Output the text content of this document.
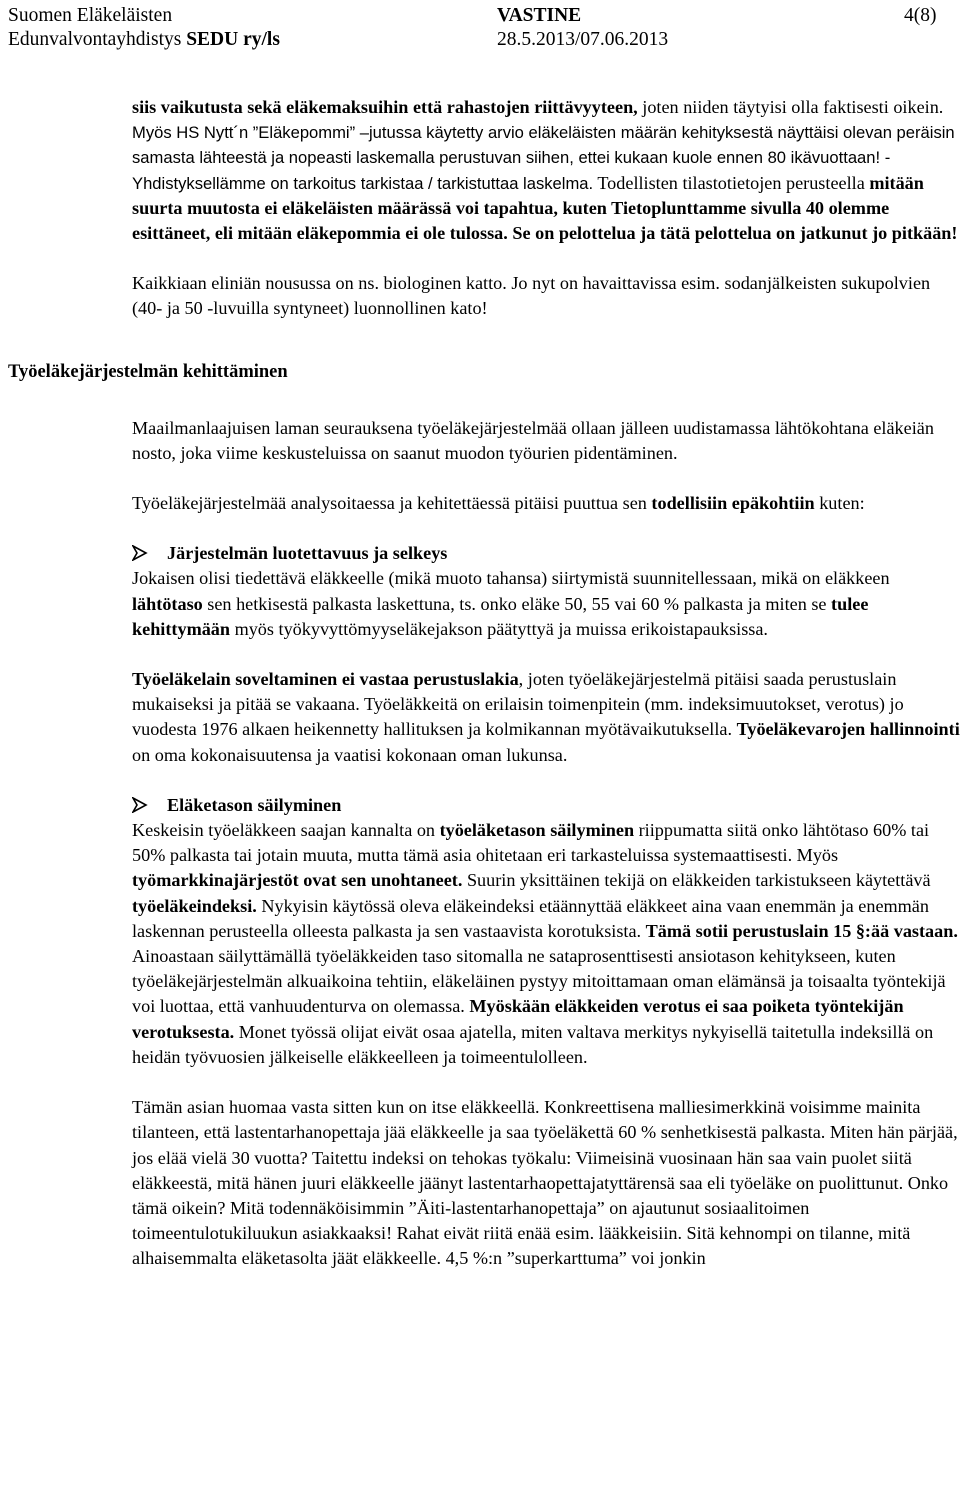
Suomen Eläkeläisten
Edunvalvontayhdistys SEDU ry/ls
VASTINE
28.5.2013/07.06.2013
4(8)

siis vaikutusta sekä eläkemaksuihin että rahastojen riittävyyteen, joten niiden täytyisi olla faktisesti oikein. Myös HS Nytt´n ”Eläkepommi” –jutussa käytetty arvio eläkeläisten määrän kehityksestä näyttäisi olevan peräisin samasta lähteestä ja nopeasti laskemalla perustuvan siihen, ettei kukaan kuole ennen 80 ikävuottaan! - Yhdistyksellämme on tarkoitus tarkistaa / tarkistuttaa laskelma. Todellisten tilastotietojen perusteella mitään suurta muutosta ei eläkeläisten määrässä voi tapahtua, kuten Tietoplunttamme sivulla 40 olemme esittäneet, eli mitään eläkepommia ei ole tulossa. Se on pelottelua ja tätä pelottelua on jatkunut jo pitkään!

Kaikkiaan eliniän nousussa on ns. biologinen katto. Jo nyt on havaittavissa esim. sodanjälkeisten sukupolvien (40- ja 50 -luvuilla syntyneet) luonnollinen kato!

Työeläkejärjestelmän kehittäminen

Maailmanlaajuisen laman seurauksena työeläkejärjestelmää ollaan jälleen uudistamassa lähtökohtana eläkeiän nosto, joka viime keskusteluissa on saanut muodon työurien pidentäminen.

Työeläkejärjestelmää analysoitaessa ja kehitettäessä pitäisi puuttua sen todellisiin epäkohtiin kuten:

Järjestelmän luotettavuus ja selkeys

Jokaisen olisi tiedettävä eläkkeelle (mikä muoto tahansa) siirtymistä suunnitellessaan, mikä on eläkkeen lähtötaso sen hetkisestä palkasta laskettuna, ts. onko eläke 50, 55 vai 60 % palkasta ja miten se tulee kehittymään myös työkyvyttömyyseläkejakson päätyttyä ja muissa erikoistapauksissa.

Työeläkelain soveltaminen ei vastaa perustuslakia, joten työeläkejärjestelmä pitäisi saada perustuslain mukaiseksi ja pitää se vakaana. Työeläkkeitä on erilaisin toimenpitein (mm. indeksimuutokset, verotus) jo vuodesta 1976 alkaen heikennetty hallituksen ja kolmikannan myötävaikutuksella. Työeläkevarojen hallinnointi on oma kokonaisuutensa ja vaatisi kokonaan oman lukunsa.

Eläketason säilyminen

Keskeisin työeläkkeen saajan kannalta on työeläketason säilyminen riippumatta siitä onko lähtötaso 60% tai 50% palkasta tai jotain muuta, mutta tämä asia ohitetaan eri tarkasteluissa systemaattisesti. Myös työmarkkinajärjestöt ovat sen unohtaneet. Suurin yksittäinen tekijä on eläkkeiden tarkistukseen käytettävä työeläkeindeksi. Nykyisin käytössä oleva eläkeindeksi etäännyttää eläkkeet aina vaan enemmän ja enemmän laskennan perusteella olleesta palkasta ja sen vastaavista korotuksista. Tämä sotii perustuslain 15 §:ää vastaan. Ainoastaan säilyttämällä työeläkkeiden taso sitomalla ne sataprosenttisesti ansiotason kehitykseen, kuten työeläkejärjestelmän alkuaikoina tehtiin, eläkeläinen pystyy mitoittamaan oman elämänsä ja toisaalta työntekijä voi luottaa, että vanhuudenturva on olemassa. Myöskään eläkkeiden verotus ei saa poiketa työntekijän verotuksesta. Monet työssä olijat eivät osaa ajatella, miten valtava merkitys nykyisellä taitetulla indeksillä on heidän työvuosien jälkeiselle eläkkeelleen ja toimeentulolleen.

Tämän asian huomaa vasta sitten kun on itse eläkkeellä. Konkreettisena malliesimerkkinä voisimme mainita tilanteen, että lastentarhanopettaja jää eläkkeelle ja saa työeläkettä 60 % senhetkisestä palkasta. Miten hän pärjää, jos elää vielä 30 vuotta? Taitettu indeksi on tehokas työkalu: Viimeisinä vuosinaan hän saa vain puolet siitä eläkkeestä, mitä hänen juuri eläkkeelle jäänyt lastentarhaopettajatyttärensä saa eli työeläke on puolittunut. Onko tämä oikein? Mitä todennäköisimmin ”Äiti-lastentarhanopettaja” on ajautunut sosiaalitoimen toimeentulotukiluukun asiakkaaksi! Rahat eivät riitä enää esim. lääkkeisiin. Sitä kehnompi on tilanne, mitä alhaisemmalta eläketasolta jäät eläkkeelle. 4,5 %:n ”superkarttuma” voi jonkin
